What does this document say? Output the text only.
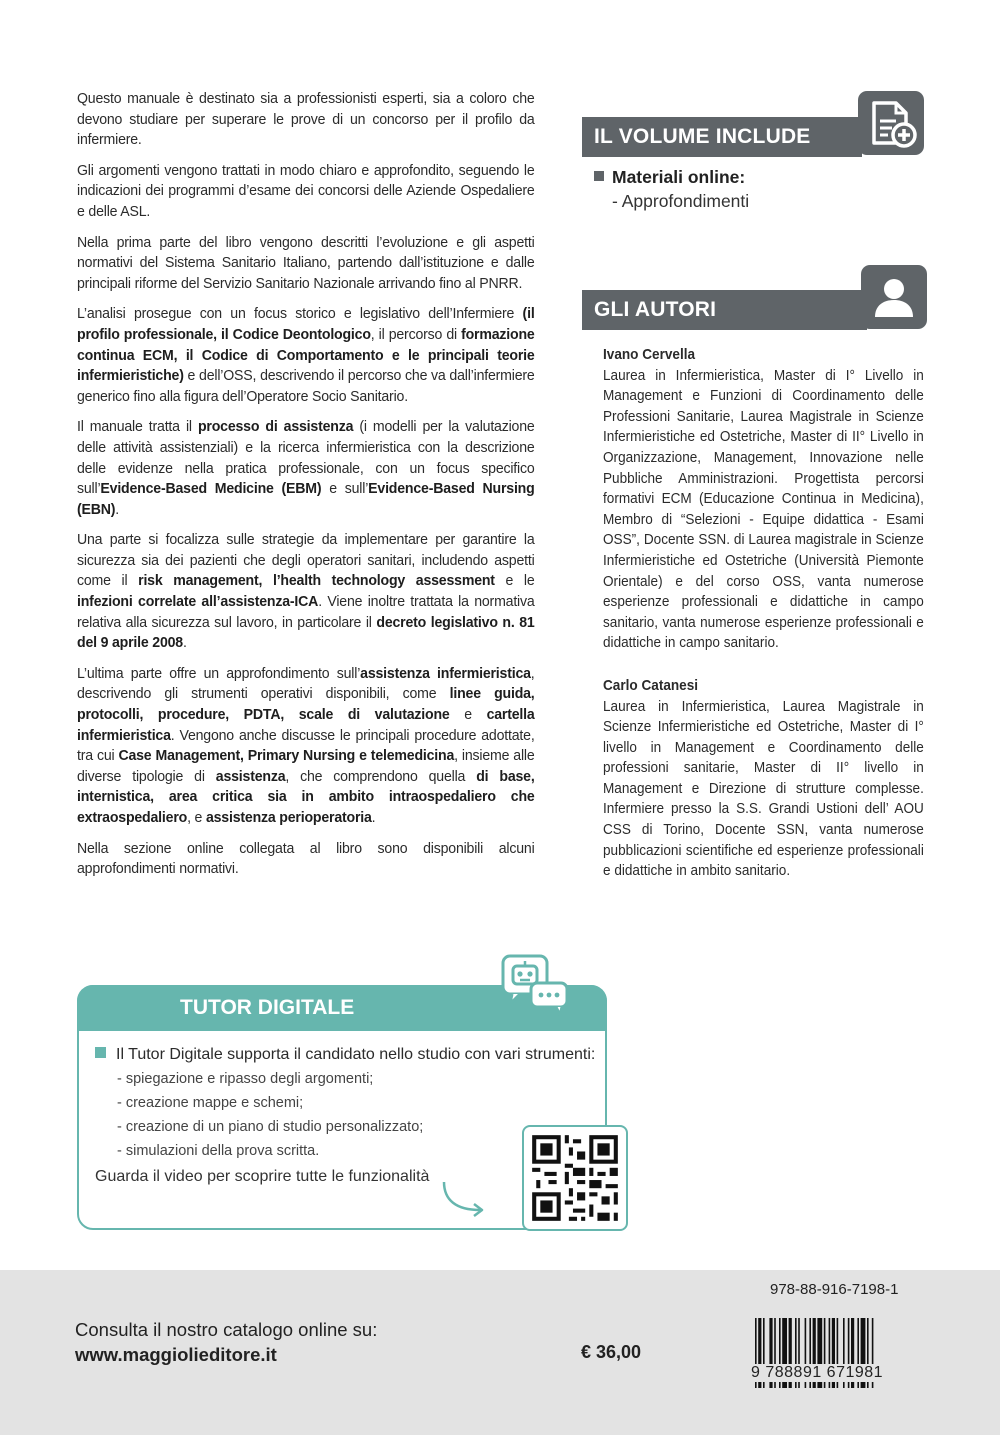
Questo manuale è destinato sia a professionisti esperti, sia a coloro che devono studiare per superare le prove di un concorso per il profilo da infermiere.

Gli argomenti vengono trattati in modo chiaro e approfondito, seguendo le indicazioni dei programmi d’esame dei concorsi delle Aziende Ospedaliere e delle ASL.

Nella prima parte del libro vengono descritti l’evoluzione e gli aspetti normativi del Sistema Sanitario Italiano, partendo dall’istituzione e dalle principali riforme del Servizio Sanitario Nazionale arrivando fino al PNRR.

L’analisi prosegue con un focus storico e legislativo dell’Infermiere (il profilo professionale, il Codice Deontologico, il percorso di formazione continua ECM, il Codice di Comportamento e le principali teorie infermieristiche) e dell’OSS, descrivendo il percorso che va dall’infermiere generico fino alla figura dell’Operatore Socio Sanitario.

Il manuale tratta il processo di assistenza (i modelli per la valutazione delle attività assistenziali) e la ricerca infermieristica con la descrizione delle evidenze nella pratica professionale, con un focus specifico sull’Evidence-Based Medicine (EBM) e sull’Evidence-Based Nursing (EBN).

Una parte si focalizza sulle strategie da implementare per garantire la sicurezza sia dei pazienti che degli operatori sanitari, includendo aspetti come il risk management, l’health technology assessment e le infezioni correlate all’assistenza-ICA. Viene inoltre trattata la normativa relativa alla sicurezza sul lavoro, in particolare il decreto legislativo n. 81 del 9 aprile 2008.

L’ultima parte offre un approfondimento sull’assistenza infermieristica, descrivendo gli strumenti operativi disponibili, come linee guida, protocolli, procedure, PDTA, scale di valutazione e cartella infermieristica. Vengono anche discusse le principali procedure adottate, tra cui Case Management, Primary Nursing e telemedicina, insieme alle diverse tipologie di assistenza, che comprendono quella di base, internistica, area critica sia in ambito intraospedaliero che extraospedaliero, e assistenza perioperatoria.

Nella sezione online collegata al libro sono disponibili alcuni approfondimenti normativi.

IL VOLUME INCLUDE
Materiali online:
- Approfondimenti
GLI AUTORI

Ivano Cervella

Laurea in Infermieristica, Master di I° Livello in Management e Funzioni di Coordinamento delle Professioni Sanitarie, Laurea Magistrale in Scienze Infermieristiche ed Ostetriche, Master di II° Livello in Organizzazione, Management, Innovazione nelle Pubbliche Amministrazioni. Progettista percorsi formativi ECM (Educazione Continua in Medicina), Membro di “Selezioni - Equipe didattica - Esami OSS”, Docente SSN. di Laurea magistrale in Scienze Infermieristiche ed Ostetriche (Università Piemonte Orientale) e del corso OSS, vanta numerose esperienze professionali e didattiche in campo sanitario, vanta numerose esperienze professionali e didattiche in campo sanitario.

Carlo Catanesi

Laurea in Infermieristica, Laurea Magistrale in Scienze Infermieristiche ed Ostetriche, Master di I° livello in Management e Coordinamento delle professioni sanitarie, Master di II° livello in Management e Direzione di strutture complesse. Infermiere presso la S.S. Grandi Ustioni dell’ AOU CSS di Torino, Docente SSN, vanta numerose pubblicazioni scientifiche ed esperienze professionali e didattiche in ambito sanitario.

TUTOR DIGITALE
Il Tutor Digitale supporta il candidato nello studio con vari strumenti:
- spiegazione e ripasso degli argomenti;
- creazione mappe e schemi;
- creazione di un piano di studio personalizzato;
- simulazioni della prova scritta.
Guarda il video per scoprire tutte le funzionalità
Consulta il nostro catalogo online su:
www.maggiolieditore.it	€ 36,00
978-88-916-7198-1
9 788891 671981
